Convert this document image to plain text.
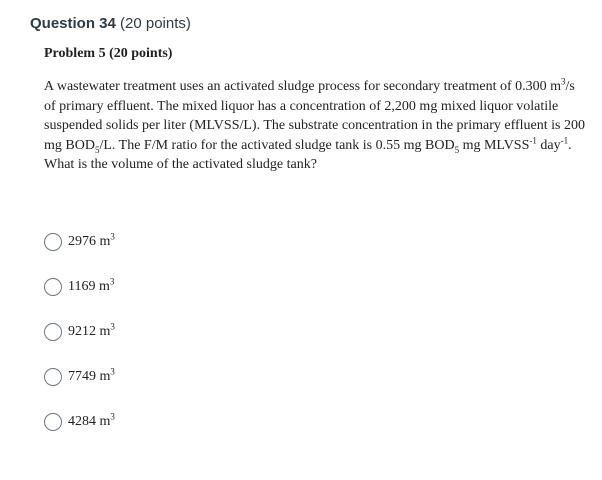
Question 34 (20 points)
Problem 5 (20 points)
A wastewater treatment uses an activated sludge process for secondary treatment of 0.300 $m^3/s$ of primary effluent. The mixed liquor has a concentration of 2,200 mg mixed liquor volatile suspended solids per liter (MLVSS/L). The substrate concentration in the primary effluent is 200 mg $BOD_5/L$. The F/M ratio for the activated sludge tank is 0.55 mg $BOD_5$ mg $MLVSS^{-1}$ day$^{-1}$. What is the volume of the activated sludge tank?
2976 $m^3$
1169 $m^3$
9212 $m^3$
7749 $m^3$
4284 $m^3$
